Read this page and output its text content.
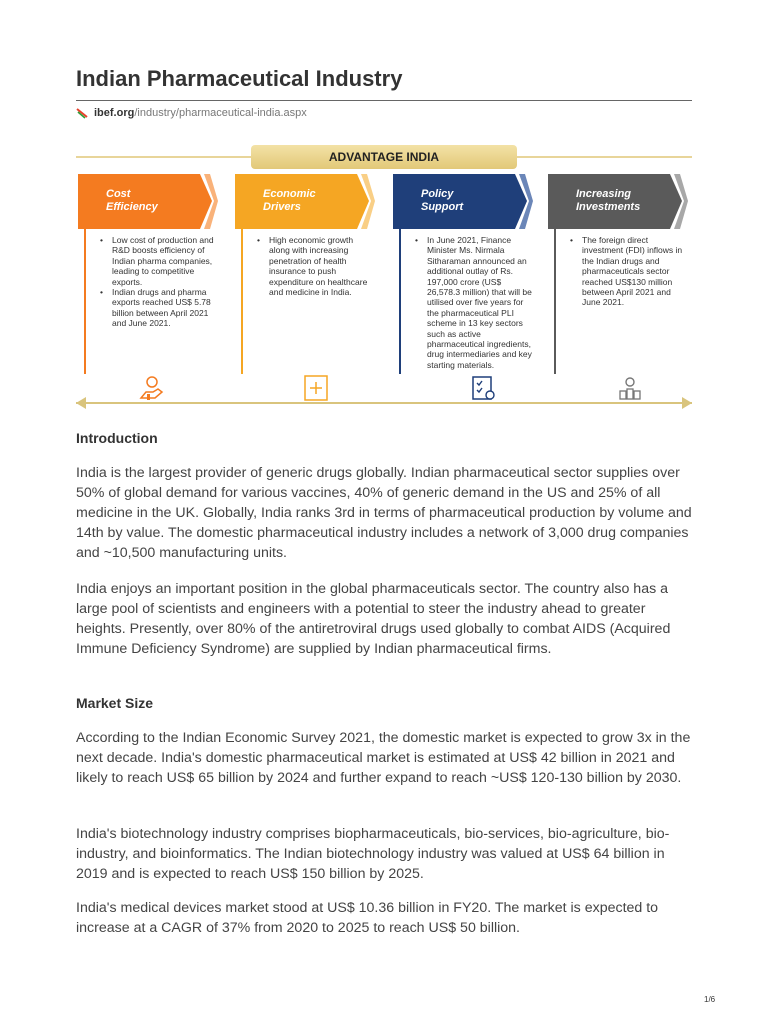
Indian Pharmaceutical Industry
ibef.org/industry/pharmaceutical-india.aspx
ADVANTAGE INDIA
Cost
Efficiency
• Low cost of production and R&D boosts efficiency of Indian pharma companies, leading to competitive exports.
• Indian drugs and pharma exports reached US$ 5.78 billion between April 2021 and June 2021.
Economic
Drivers
• High economic growth along with increasing penetration of health insurance to push expenditure on healthcare and medicine in India.
Policy
Support
• In June 2021, Finance Minister Ms. Nirmala Sitharaman announced an additional outlay of Rs. 197,000 crore (US$ 26,578.3 million) that will be utilised over five years for the pharmaceutical PLI scheme in 13 key sectors such as active pharmaceutical ingredients, drug intermediaries and key starting materials.
Increasing
Investments
• The foreign direct investment (FDI) inflows in the Indian drugs and pharmaceuticals sector reached US$130 million between April 2021 and June 2021.
Introduction

India is the largest provider of generic drugs globally. Indian pharmaceutical sector supplies over 50% of global demand for various vaccines, 40% of generic demand in the US and 25% of all medicine in the UK. Globally, India ranks 3rd in terms of pharmaceutical production by volume and 14th by value. The domestic pharmaceutical industry includes a network of 3,000 drug companies and ~10,500 manufacturing units.

India enjoys an important position in the global pharmaceuticals sector. The country also has a large pool of scientists and engineers with a potential to steer the industry ahead to greater heights. Presently, over 80% of the antiretroviral drugs used globally to combat AIDS (Acquired Immune Deficiency Syndrome) are supplied by Indian pharmaceutical firms.

Market Size

According to the Indian Economic Survey 2021, the domestic market is expected to grow 3x in the next decade. India's domestic pharmaceutical market is estimated at US$ 42 billion in 2021 and likely to reach US$ 65 billion by 2024 and further expand to reach ~US$ 120-130 billion by 2030.

India's biotechnology industry comprises biopharmaceuticals, bio-services, bio-agriculture, bio-industry, and bioinformatics. The Indian biotechnology industry was valued at US$ 64 billion in 2019 and is expected to reach US$ 150 billion by 2025.

India's medical devices market stood at US$ 10.36 billion in FY20. The market is expected to increase at a CAGR of 37% from 2020 to 2025 to reach US$ 50 billion.

1/6
